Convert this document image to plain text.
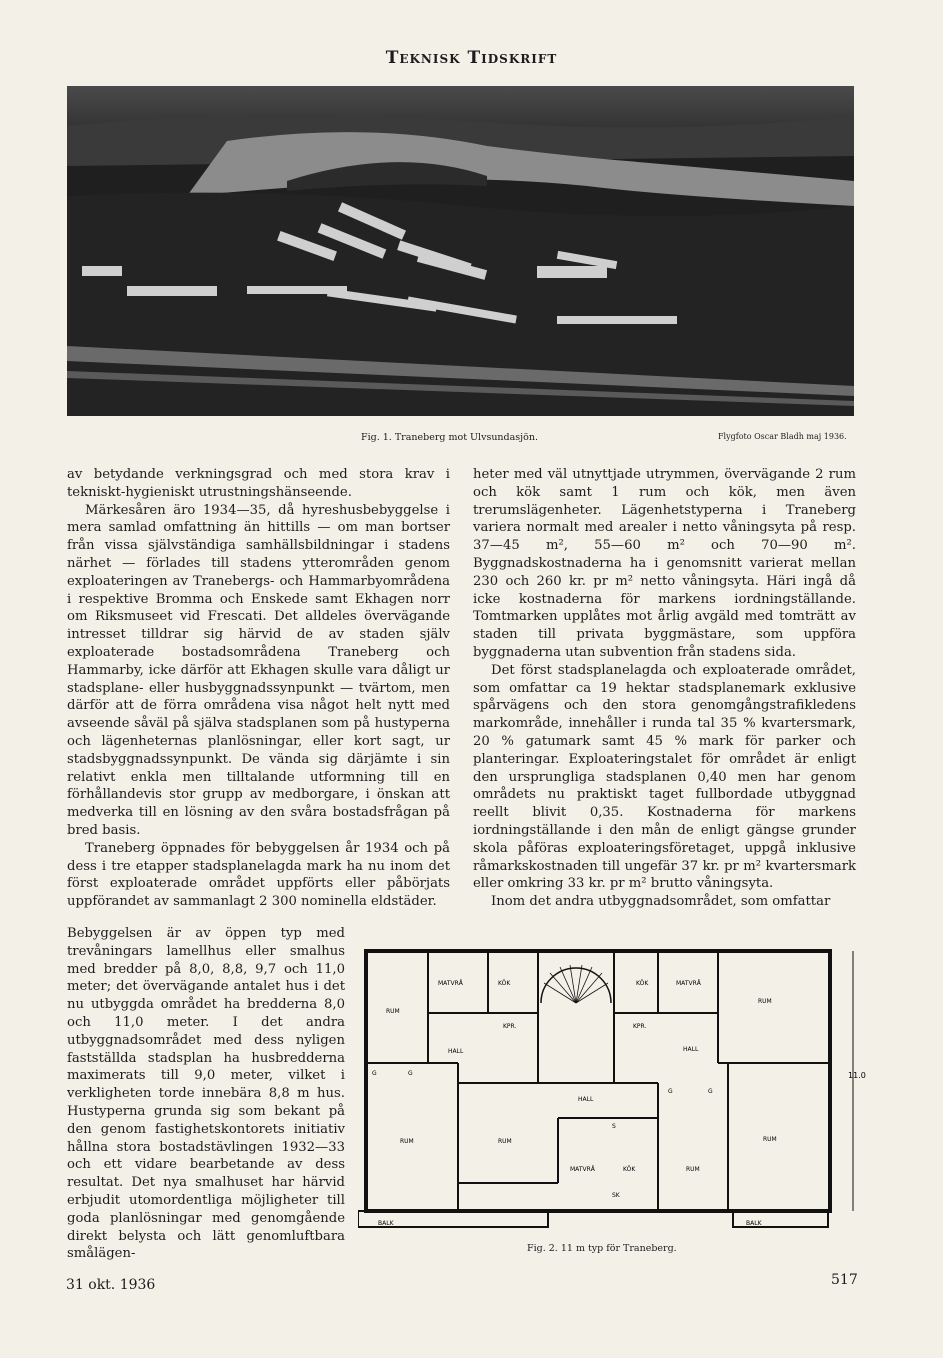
Teknisk Tidskrift
Fig. 1. Traneberg mot Ulvsundasjön.	Flygfoto Oscar Bladh maj 1936.

av betydande verkningsgrad och med stora krav i tekniskt-hygieniskt utrustningshänseende.

Märkesåren äro 1934—35, då hyreshusbebyggelse i mera samlad omfattning än hittills — om man bortser från vissa självständiga samhällsbildningar i stadens närhet — förlades till stadens ytterområden genom exploateringen av Tranebergs- och Hammarbyområdena i respektive Bromma och Enskede samt Ekhagen norr om Riksmuseet vid Frescati. Det alldeles övervägande intresset tilldrar sig härvid de av staden själv exploaterade bostadsområdena Traneberg och Hammarby, icke därför att Ekhagen skulle vara dåligt ur stadsplane- eller husbyggnadssynpunkt — tvärtom, men därför att de förra områdena visa något helt nytt med avseende såväl på själva stadsplanen som på hustyperna och lägenheternas planlösningar, eller kort sagt, ur stadsbyggnadssynpunkt. De vända sig därjämte i sin relativt enkla men tilltalande utformning till en förhållandevis stor grupp av medborgare, i önskan att medverka till en lösning av den svåra bostadsfrågan på bred basis.

Traneberg öppnades för bebyggelsen år 1934 och på dess i tre etapper stadsplanelagda mark ha nu inom det först exploaterade området uppförts eller påbörjats uppförandet av sammanlagt 2 300 nominella eldstäder.

Bebyggelsen är av öppen typ med trevåningars lamellhus eller smalhus med bredder på 8,0, 8,8, 9,7 och 11,0 meter; det övervägande antalet hus i det nu utbyggda området ha bredderna 8,0 och 11,0 meter. I det andra utbyggnadsområdet med dess nyligen fastställda stadsplan ha husbredderna maximerats till 9,0 meter, vilket i verkligheten torde innebära 8,8 m hus. Hustyperna grunda sig som bekant på den genom fastighetskontorets initiativ hållna stora bostadstävlingen 1932—33 och ett vidare bearbetande av dess resultat. Det nya smalhuset har härvid erbjudit utomordentliga möjligheter till goda planlösningar med genomgående direkt belysta och lätt genomluftbara smålägen-

heter med väl utnyttjade utrymmen, övervägande 2 rum och kök samt 1 rum och kök, men även trerumslägenheter. Lägenhetstyperna i Traneberg variera normalt med arealer i netto våningsyta på resp. 37—45 m², 55—60 m² och 70—90 m². Byggnadskostnaderna ha i genomsnitt varierat mellan 230 och 260 kr. pr m² netto våningsyta. Häri ingå då icke kostnaderna för markens iordningställande. Tomtmarken upplåtes mot årlig avgäld med tomträtt av staden till privata byggmästare, som uppföra byggnaderna utan subvention från stadens sida.

Det först stadsplanelagda och exploaterade området, som omfattar ca 19 hektar stadsplanemark exklusive spårvägens och den stora genomgångstrafikledens markområde, innehåller i runda tal 35 % kvartersmark, 20 % gatumark samt 45 % mark för parker och planteringar. Exploateringstalet för området är enligt den ursprungliga stadsplanen 0,40 men har genom områdets nu praktiskt taget fullbordade utbyggnad reellt blivit 0,35. Kostnaderna för markens iordningställande i den mån de enligt gängse grunder skola påföras exploateringsföretaget, uppgå inklusive råmarkskostnaden till ungefär 37 kr. pr m² kvartersmark eller omkring 33 kr. pr m² brutto våningsyta.

Inom det andra utbyggnadsområdet, som omfattar

RUM
MATVRÅ	KÖK
KPR.
HALL
KÖK	MATVRÅ
RUM
KPR.
HALL
HALL
RUM	RUM	RUM
RUM
MATVRÅ	KÖK
BALK	BALK
G	G
G	G
S
SK
11.0
Fig. 2. 11 m typ för Traneberg.
31 okt. 1936	517
